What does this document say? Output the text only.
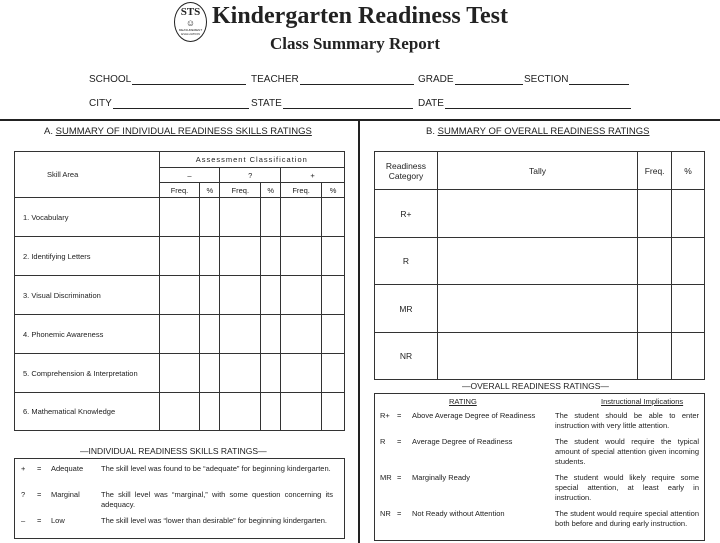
STS
☺
MEASUREMENT EVALUATION
Kindergarten Readiness Test
Class Summary Report
SCHOOL	TEACHER	GRADE	SECTION
CITY	STATE	DATE
A. SUMMARY OF INDIVIDUAL READINESS SKILLS RATINGS	B. SUMMARY OF OVERALL READINESS RATINGS
Skill Area	Assessment Classification					
	–		?		+	
	Freq.	%	Freq.	%	Freq.	%
1. Vocabulary						
2. Identifying Letters						
3. Visual Discrimination						
4. Phonemic Awareness						
5. Comprehension & Interpretation						
6. Mathematical Knowledge						
—INDIVIDUAL READINESS SKILLS RATINGS—
+ = Adequate The skill level was found to be “adequate” for beginning kindergarten.
? = Marginal	The skill level was “marginal,” with some question concerning its adequacy.
– = Low	The skill level was “lower than desirable” for beginning kindergarten.
Readiness Category	Tally	Freq.	%
R+			
R			
MR			
NR			
—OVERALL READINESS RATINGS—
RATING	Instructional Implications
R+ = Above Average Degree of Readiness	The student should be able to enter instruction with very little attention.
R = Average Degree of Readiness	The student would require the typical amount of special attention given incoming students.
MR = Marginally Ready	The student would likely require some special attention, at least early in instruction.
NR = Not Ready without Attention	The student would require special attention both before and during early instruction.
